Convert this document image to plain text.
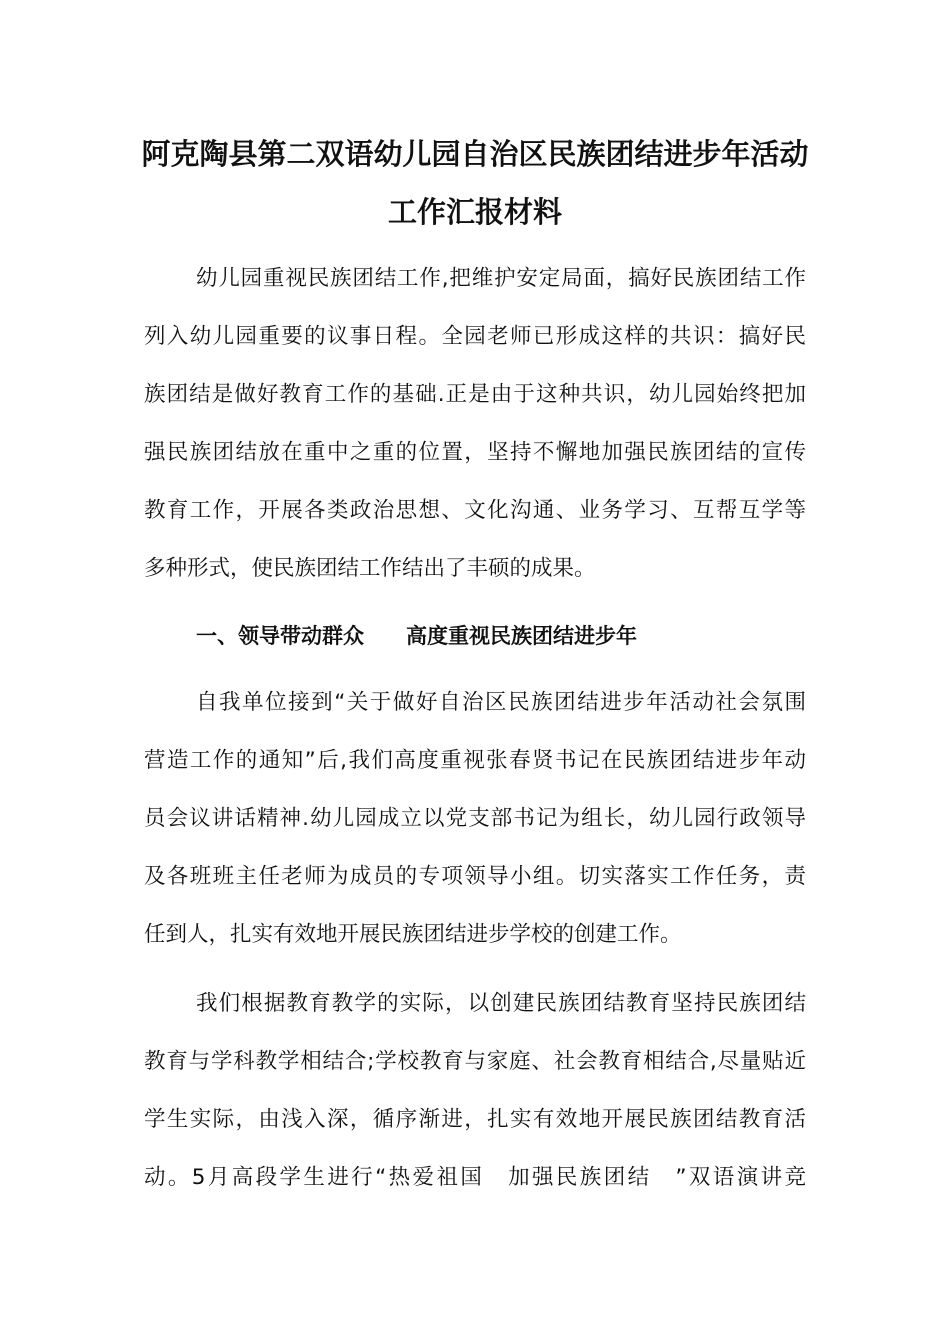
阿克陶县第二双语幼儿园自治区民族团结进步年活动
工作汇报材料
幼儿园重视民族团结工作,把维护安定局面，搞好民族团结工作
列入幼儿园重要的议事日程。全园老师已形成这样的共识：搞好民
族团结是做好教育工作的基础.正是由于这种共识，幼儿园始终把加
强民族团结放在重中之重的位置，坚持不懈地加强民族团结的宣传
教育工作，开展各类政治思想、文化沟通、业务学习、互帮互学等
多种形式，使民族团结工作结出了丰硕的成果。
一、领导带动群众　　高度重视民族团结进步年
自我单位接到“关于做好自治区民族团结进步年活动社会氛围
营造工作的通知”后,我们高度重视张春贤书记在民族团结进步年动
员会议讲话精神.幼儿园成立以党支部书记为组长，幼儿园行政领导
及各班班主任老师为成员的专项领导小组。切实落实工作任务，责
任到人，扎实有效地开展民族团结进步学校的创建工作。
我们根据教育教学的实际，以创建民族团结教育坚持民族团结
教育与学科教学相结合;学校教育与家庭、社会教育相结合,尽量贴近
学生实际，由浅入深，循序渐进，扎实有效地开展民族团结教育活
动。5月高段学生进行“热爱祖国　加强民族团结　”双语演讲竞
